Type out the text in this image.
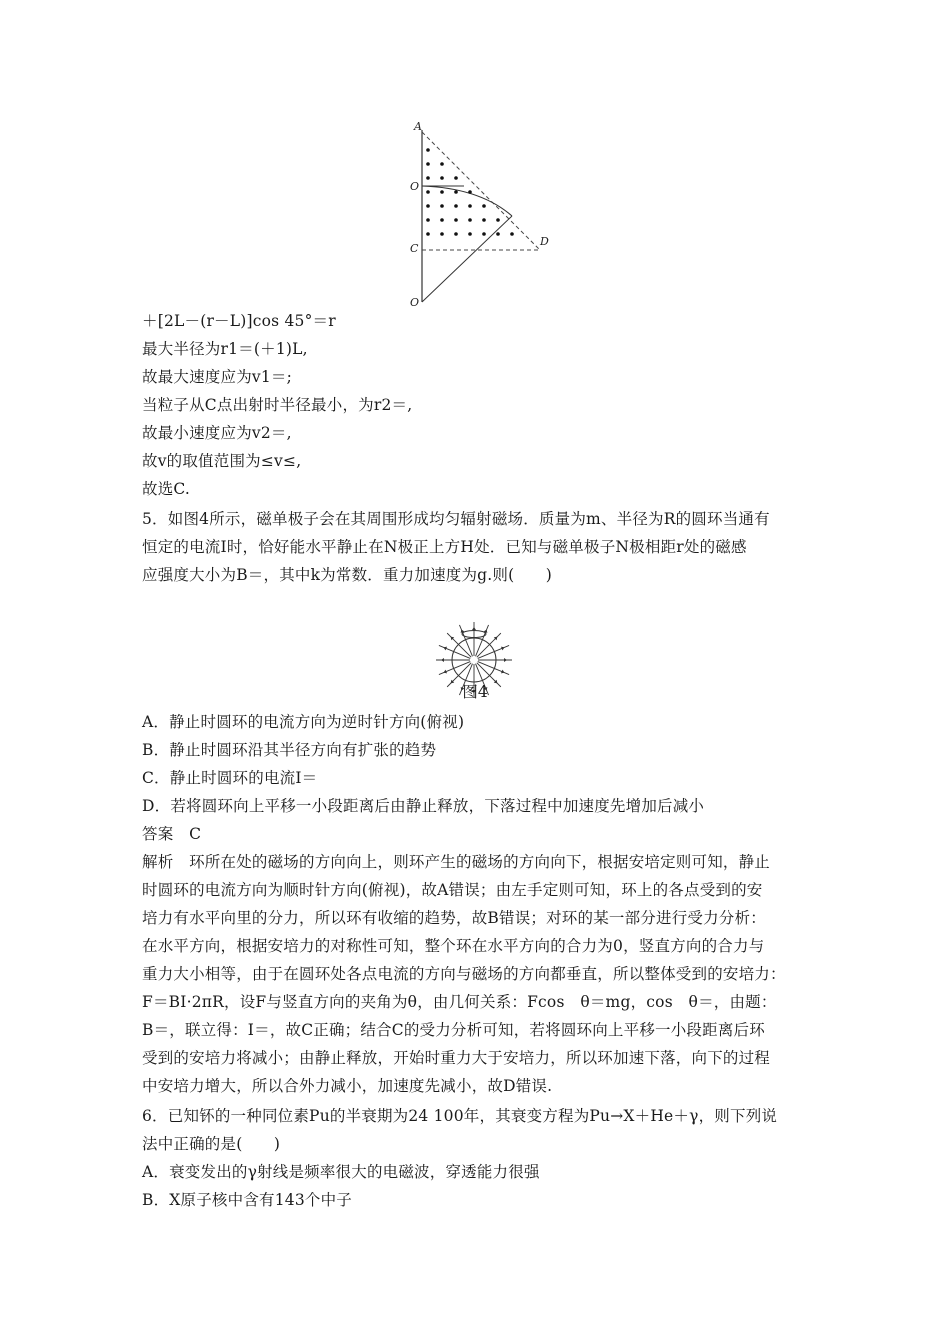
A
O
C
D
O
图4
＋[2L－(r－L)]cos 45°＝r
最大半径为r1＝(＋1)L,
故最大速度应为v1＝;
当粒子从C点出射时半径最小，为r2＝,
故最小速度应为v2＝,
故v的取值范围为≤v≤,
故选C.
5．如图4所示，磁单极子会在其周围形成均匀辐射磁场．质量为m、半径为R的圆环当通有
恒定的电流I时，恰好能水平静止在N极正上方H处．已知与磁单极子N极相距r处的磁感
应强度大小为B＝，其中k为常数．重力加速度为g.则(　　)
A．静止时圆环的电流方向为逆时针方向(俯视)
B．静止时圆环沿其半径方向有扩张的趋势
C．静止时圆环的电流I＝
D．若将圆环向上平移一小段距离后由静止释放，下落过程中加速度先增加后减小
答案　C
解析　环所在处的磁场的方向向上，则环产生的磁场的方向向下，根据安培定则可知，静止
时圆环的电流方向为顺时针方向(俯视)，故A错误；由左手定则可知，环上的各点受到的安
培力有水平向里的分力，所以环有收缩的趋势，故B错误；对环的某一部分进行受力分析：
在水平方向，根据安培力的对称性可知，整个环在水平方向的合力为0，竖直方向的合力与
重力大小相等，由于在圆环处各点电流的方向与磁场的方向都垂直，所以整体受到的安培力：
F＝BI·2πR，设F与竖直方向的夹角为θ，由几何关系：Fcos　θ＝mg，cos　θ＝，由题：
B＝，联立得：I＝，故C正确；结合C的受力分析可知，若将圆环向上平移一小段距离后环
受到的安培力将减小；由静止释放，开始时重力大于安培力，所以环加速下落，向下的过程
中安培力增大，所以合外力减小，加速度先减小，故D错误.
6．已知钚的一种同位素Pu的半衰期为24 100年，其衰变方程为Pu→X＋He＋γ，则下列说
法中正确的是(　　)
A．衰变发出的γ射线是频率很大的电磁波，穿透能力很强
B．X原子核中含有143个中子
